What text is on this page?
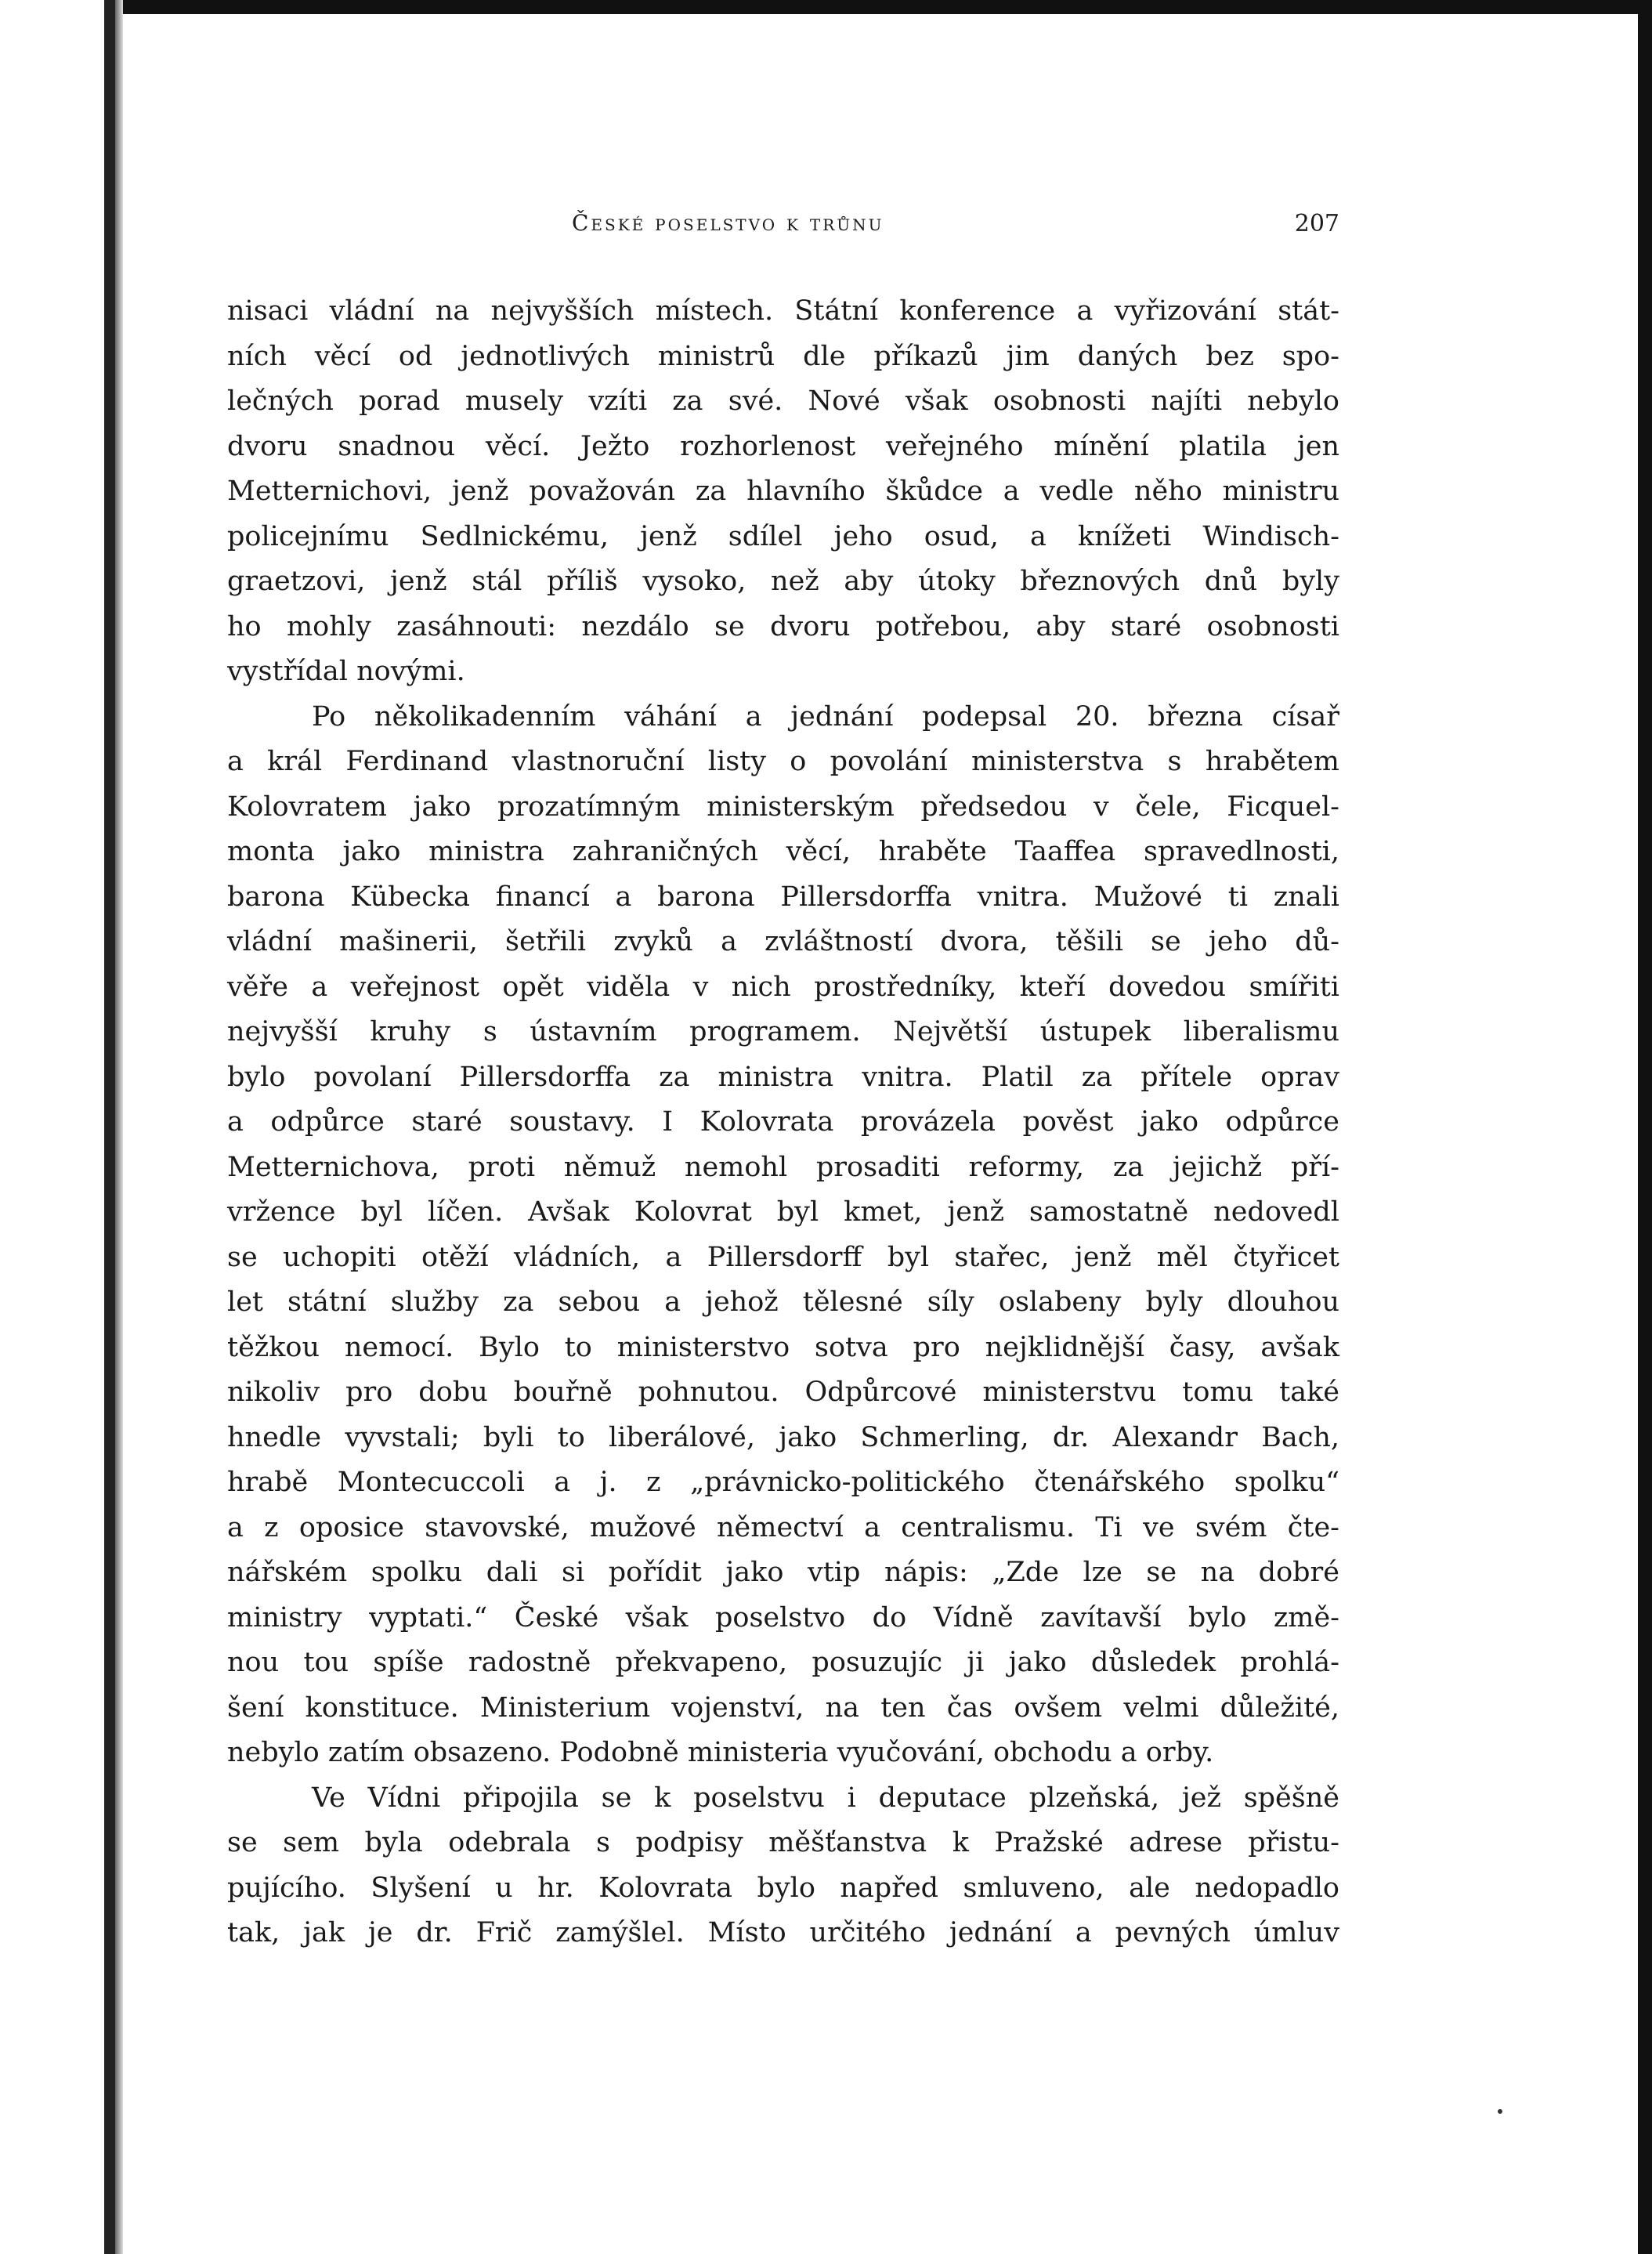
České poselstvo k trůnu	207
nisaci vládní na nejvyšších místech. Státní konference a vyřizování stát-
ních věcí od jednotlivých ministrů dle příkazů jim daných bez spo-
lečných porad musely vzíti za své. Nové však osobnosti najíti nebylo
dvoru snadnou věcí. Ježto rozhorlenost veřejného mínění platila jen
Metternichovi, jenž považován za hlavního škůdce a vedle něho ministru
policejnímu Sedlnickému, jenž sdílel jeho osud, a knížeti Windisch-
graetzovi, jenž stál příliš vysoko, než aby útoky březnových dnů byly
ho mohly zasáhnouti: nezdálo se dvoru potřebou, aby staré osobnosti
vystřídal novými.
Po několikadenním váhání a jednání podepsal 20. března císař
a král Ferdinand vlastnoruční listy o povolání ministerstva s hrabětem
Kolovratem jako prozatímným ministerským předsedou v čele, Ficquel-
monta jako ministra zahraničných věcí, hraběte Taaffea spravedlnosti,
barona Kübecka financí a barona Pillersdorffa vnitra. Mužové ti znali
vládní mašinerii, šetřili zvyků a zvláštností dvora, těšili se jeho dů-
věře a veřejnost opět viděla v nich prostředníky, kteří dovedou smířiti
nejvyšší kruhy s ústavním programem. Největší ústupek liberalismu
bylo povolaní Pillersdorffa za ministra vnitra. Platil za přítele oprav
a odpůrce staré soustavy. I Kolovrata provázela pověst jako odpůrce
Metternichova, proti němuž nemohl prosaditi reformy, za jejichž pří-
vržence byl líčen. Avšak Kolovrat byl kmet, jenž samostatně nedovedl
se uchopiti otěží vládních, a Pillersdorff byl stařec, jenž měl čtyřicet
let státní služby za sebou a jehož tělesné síly oslabeny byly dlouhou
těžkou nemocí. Bylo to ministerstvo sotva pro nejklidnější časy, avšak
nikoliv pro dobu bouřně pohnutou. Odpůrcové ministerstvu tomu také
hnedle vyvstali; byli to liberálové, jako Schmerling, dr. Alexandr Bach,
hrabě Montecuccoli a j. z „právnicko-politického čtenářského spolku“
a z oposice stavovské, mužové němectví a centralismu. Ti ve svém čte-
nářském spolku dali si pořídit jako vtip nápis: „Zde lze se na dobré
ministry vyptati.“ České však poselstvo do Vídně zavítavší bylo změ-
nou tou spíše radostně překvapeno, posuzujíc ji jako důsledek prohlá-
šení konstituce. Ministerium vojenství, na ten čas ovšem velmi důležité,
nebylo zatím obsazeno. Podobně ministeria vyučování, obchodu a orby.
Ve Vídni připojila se k poselstvu i deputace plzeňská, jež spěšně
se sem byla odebrala s podpisy měšťanstva k Pražské adrese přistu-
pujícího. Slyšení u hr. Kolovrata bylo napřed smluveno, ale nedopadlo
tak, jak je dr. Frič zamýšlel. Místo určitého jednání a pevných úmluv
